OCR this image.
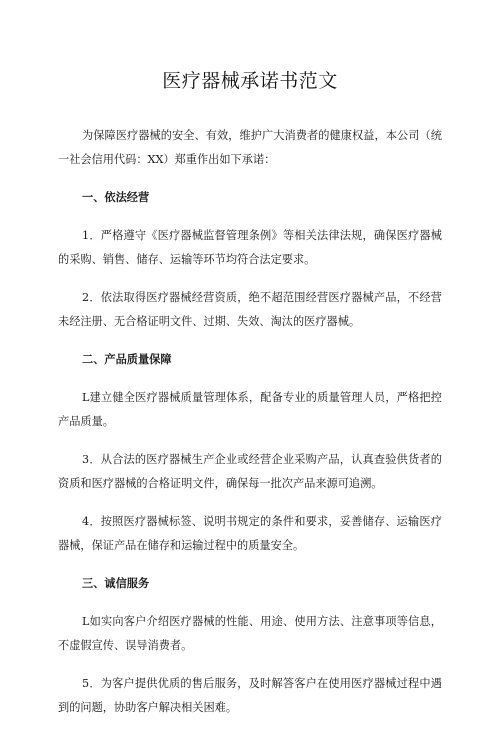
医疗器械承诺书范文

为保障医疗器械的安全、有效，维护广大消费者的健康权益，本公司（统一社会信用代码：XX）郑重作出如下承诺：

一、依法经营

1．严格遵守《医疗器械监督管理条例》等相关法律法规，确保医疗器械的采购、销售、储存、运输等环节均符合法定要求。

2．依法取得医疗器械经营资质，绝不超范围经营医疗器械产品，不经营未经注册、无合格证明文件、过期、失效、淘汰的医疗器械。

二、产品质量保障

L建立健全医疗器械质量管理体系，配备专业的质量管理人员，严格把控产品质量。

3．从合法的医疗器械生产企业或经营企业采购产品，认真查验供货者的资质和医疗器械的合格证明文件，确保每一批次产品来源可追溯。

4．按照医疗器械标签、说明书规定的条件和要求，妥善储存、运输医疗器械，保证产品在储存和运输过程中的质量安全。

三、诚信服务

L如实向客户介绍医疗器械的性能、用途、使用方法、注意事项等信息，不虚假宣传、误导消费者。

5．为客户提供优质的售后服务，及时解答客户在使用医疗器械过程中遇到的问题，协助客户解决相关困难。
